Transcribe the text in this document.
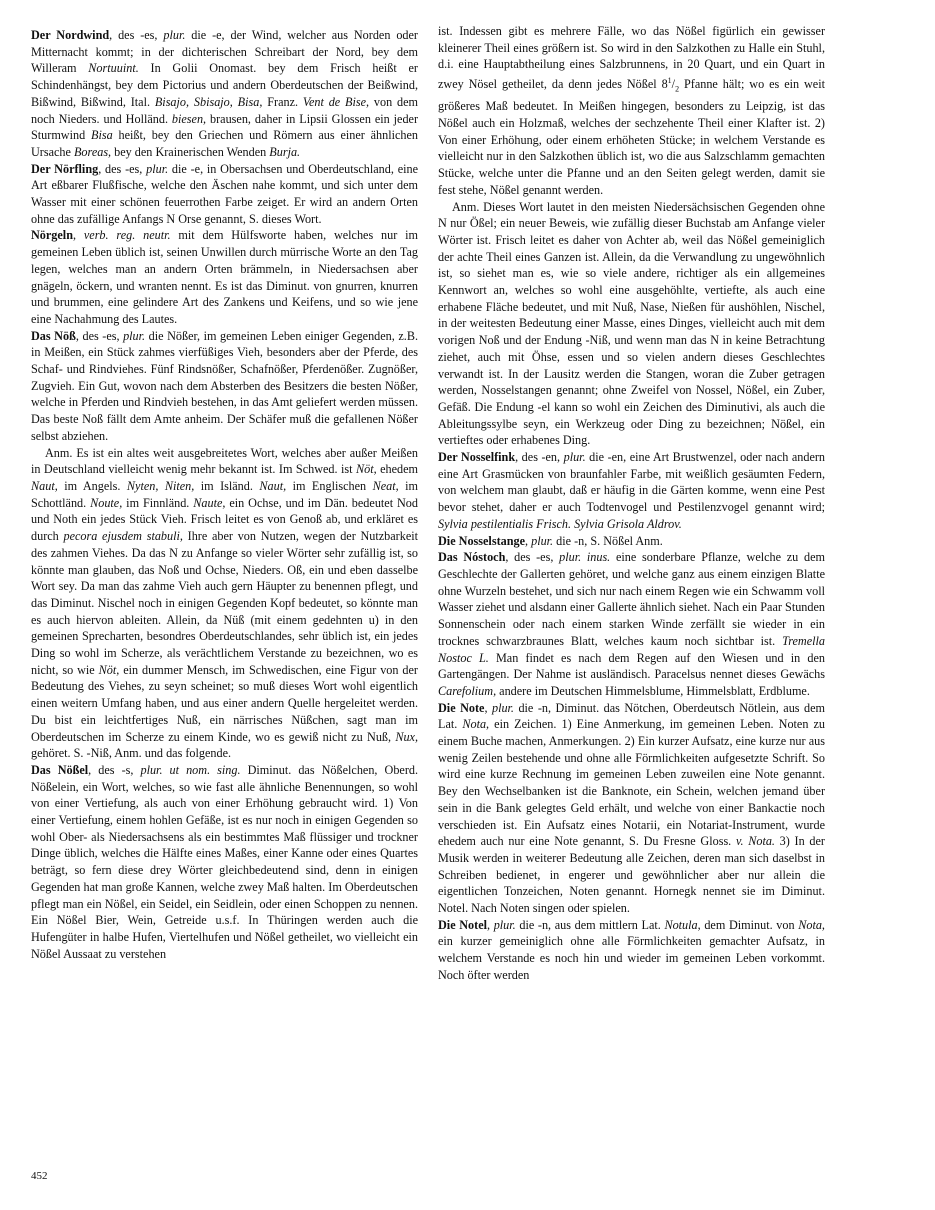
Der Nordwind, des -es, plur. die -e, der Wind, welcher aus Norden oder Mitternacht kommt; in der dichterischen Schreibart der Nord, bey dem Willeram Nortuuint. In Golii Onomast. bey dem Frisch heißt er Schindenhängst, bey dem Pictorius und andern Oberdeutschen der Beißwind, Bißwind, Bißwind, Ital. Bisajo, Sbisajo, Bisa, Franz. Vent de Bise, von dem noch Nieders. und Holländ. biesen, brausen, daher in Lipsii Glossen ein jeder Sturmwind Bisa heißt, bey den Griechen und Römern aus einer ähnlichen Ursache Boreas, bey den Krainerischen Wenden Burja.

Der Nörfling, des -es, plur. die -e, in Obersachsen und Oberdeutschland, eine Art eßbarer Flußfische, welche den Äschen nahe kommt, und sich unter dem Wasser mit einer schönen feuerrothen Farbe zeiget. Er wird an andern Orten ohne das zufällige Anfangs N Orse genannt, S. dieses Wort.

Nörgeln, verb. reg. neutr. mit dem Hülfsworte haben, welches nur im gemeinen Leben üblich ist, seinen Unwillen durch mürrische Worte an den Tag legen, welches man an andern Orten brämmeln, in Niedersachsen aber gnägeln, öckern, und wranten nennt. Es ist das Diminut. von gnurren, knurren und brummen, eine gelindere Art des Zankens und Keifens, und so wie jene eine Nachahmung des Lautes.

Das Nöß, des -es, plur. die Nößer, im gemeinen Leben einiger Gegenden, z.B. in Meißen, ein Stück zahmes vierfüßiges Vieh, besonders aber der Pferde, des Schaf- und Rindviehes. Fünf Rindsnößer, Schafnößer, Pferdenößer. Zugnößer, Zugvieh. Ein Gut, wovon nach dem Absterben des Besitzers die besten Nößer, welche in Pferden und Rindvieh bestehen, in das Amt geliefert werden müssen. Das beste Noß fällt dem Amte anheim. Der Schäfer muß die gefallenen Nößer selbst abziehen.

Anm. Es ist ein altes weit ausgebreitetes Wort, welches aber außer Meißen in Deutschland vielleicht wenig mehr bekannt ist. Im Schwed. ist Nöt, ehedem Naut, im Angels. Nyten, Niten, im Isländ. Naut, im Englischen Neat, im Schottländ. Noute, im Finnländ. Naute, ein Ochse, und im Dän. bedeutet Nod und Noth ein jedes Stück Vieh. Frisch leitet es von Genoß ab, und erkläret es durch pecora ejusdem stabuli, Ihre aber von Nutzen, wegen der Nutzbarkeit des zahmen Viehes. Da das N zu Anfange so vieler Wörter sehr zufällig ist, so könnte man glauben, das Noß und Ochse, Nieders. Oß, ein und eben dasselbe Wort sey. Da man das zahme Vieh auch gern Häupter zu benennen pflegt, und das Diminut. Nischel noch in einigen Gegenden Kopf bedeutet, so könnte man es auch hiervon ableiten. Allein, da Nüß (mit einem gedehnten u) in den gemeinen Sprecharten, besondres Oberdeutschlandes, sehr üblich ist, ein jedes Ding so wohl im Scherze, als verächtlichem Verstande zu bezeichnen, wo es nicht, so wie Nöt, ein dummer Mensch, im Schwedischen, eine Figur von der Bedeutung des Viehes, zu seyn scheinet; so muß dieses Wort wohl eigentlich einen weitern Umfang haben, und aus einer andern Quelle hergeleitet werden. Du bist ein leichtfertiges Nuß, ein närrisches Nüßchen, sagt man im Oberdeutschen im Scherze zu einem Kinde, wo es gewiß nicht zu Nuß, Nux, gehöret. S. -Niß, Anm. und das folgende.

Das Nößel, des -s, plur. ut nom. sing. Diminut. das Nößelchen, Oberd. Nößelein, ein Wort, welches, so wie fast alle ähnliche Benennungen, so wohl von einer Vertiefung, als auch von einer Erhöhung gebraucht wird. 1) Von einer Vertiefung, einem hohlen Gefäße, ist es nur noch in einigen Gegenden so wohl Ober- als Niedersachsens als ein bestimmtes Maß flüssiger und trockner Dinge üblich, welches die Hälfte eines Maßes, einer Kanne oder eines Quartes beträgt, so fern diese drey Wörter gleichbedeutend sind, denn in einigen Gegenden hat man große Kannen, welche zwey Maß halten. Im Oberdeutschen pflegt man ein Nößel, ein Seidel, ein Seidlein, oder einen Schoppen zu nennen. Ein Nößel Bier, Wein, Getreide u.s.f. In Thüringen werden auch die Hufengüter in halbe Hufen, Viertelhufen und Nößel getheilet, wo vielleicht ein Nößel Aussaat zu verstehen

ist. Indessen gibt es mehrere Fälle, wo das Nößel figürlich ein gewisser kleinerer Theil eines größern ist. So wird in den Salzkothen zu Halle ein Stuhl, d.i. eine Hauptabtheilung eines Salzbrunnens, in 20 Quart, und ein Quart in zwey Nösel getheilet, da denn jedes Nößel $8^1/_2$ Pfanne hält; wo es ein weit größeres Maß bedeutet. In Meißen hingegen, besonders zu Leipzig, ist das Nößel auch ein Holzmaß, welches der sechzehente Theil einer Klafter ist. 2) Von einer Erhöhung, oder einem erhöheten Stücke; in welchem Verstande es vielleicht nur in den Salzkothen üblich ist, wo die aus Salzschlamm gemachten Stücke, welche unter die Pfanne und an den Seiten gelegt werden, damit sie fest stehe, Nößel genannt werden.

Anm. Dieses Wort lautet in den meisten Niedersächsischen Gegenden ohne N nur Ößel; ein neuer Beweis, wie zufällig dieser Buchstab am Anfange vieler Wörter ist. Frisch leitet es daher von Achter ab, weil das Nößel gemeiniglich der achte Theil eines Ganzen ist. Allein, da die Verwandlung zu ungewöhnlich ist, so siehet man es, wie so viele andere, richtiger als ein allgemeines Kennwort an, welches so wohl eine ausgehöhlte, vertiefte, als auch eine erhabene Fläche bedeutet, und mit Nuß, Nase, Nießen für aushöhlen, Nischel, in der weitesten Bedeutung einer Masse, eines Dinges, vielleicht auch mit dem vorigen Noß und der Endung -Niß, und wenn man das N in keine Betrachtung ziehet, auch mit Öhse, essen und so vielen andern dieses Geschlechtes verwandt ist. In der Lausitz werden die Stangen, woran die Zuber getragen werden, Nosselstangen genannt; ohne Zweifel von Nossel, Nößel, ein Zuber, Gefäß. Die Endung -el kann so wohl ein Zeichen des Diminutivi, als auch die Ableitungssylbe seyn, ein Werkzeug oder Ding zu bezeichnen; Nößel, ein vertieftes oder erhabenes Ding.

Der Nosselfink, des -en, plur. die -en, eine Art Brustwenzel, oder nach andern eine Art Grasmücken von braunfahler Farbe, mit weißlich gesäumten Federn, von welchem man glaubt, daß er häufig in die Gärten komme, wenn eine Pest bevor stehet, daher er auch Todtenvogel und Pestilenzvogel genannt wird; Sylvia pestilentialis Frisch. Sylvia Grisola Aldrov.

Die Nosselstange, plur. die -n, S. Nößel Anm.

Das Nóstoch, des -es, plur. inus. eine sonderbare Pflanze, welche zu dem Geschlechte der Gallerten gehöret, und welche ganz aus einem einzigen Blatte ohne Wurzeln bestehet, und sich nur nach einem Regen wie ein Schwamm voll Wasser ziehet und alsdann einer Gallerte ähnlich siehet. Nach ein Paar Stunden Sonnenschein oder nach einem starken Winde zerfällt sie wieder in ein trocknes schwarzbraunes Blatt, welches kaum noch sichtbar ist. Tremella Nostoc L. Man findet es nach dem Regen auf den Wiesen und in den Gartengängen. Der Nahme ist ausländisch. Paracelsus nennet dieses Gewächs Carefolium, andere im Deutschen Himmelsblume, Himmelsblatt, Erdblume.

Die Note, plur. die -n, Diminut. das Nötchen, Oberdeutsch Nötlein, aus dem Lat. Nota, ein Zeichen. 1) Eine Anmerkung, im gemeinen Leben. Noten zu einem Buche machen, Anmerkungen. 2) Ein kurzer Aufsatz, eine kurze nur aus wenig Zeilen bestehende und ohne alle Förmlichkeiten aufgesetzte Schrift. So wird eine kurze Rechnung im gemeinen Leben zuweilen eine Note genannt. Bey den Wechselbanken ist die Banknote, ein Schein, welchen jemand über sein in die Bank gelegtes Geld erhält, und welche von einer Bankactie noch verschieden ist. Ein Aufsatz eines Notarii, ein Notariat-Instrument, wurde ehedem auch nur eine Note genannt, S. Du Fresne Gloss. v. Nota. 3) In der Musik werden in weiterer Bedeutung alle Zeichen, deren man sich daselbst in Schreiben bedienet, in engerer und gewöhnlicher aber nur allein die eigentlichen Tonzeichen, Noten genannt. Hornegk nennet sie im Diminut. Notel. Nach Noten singen oder spielen.

Die Notel, plur. die -n, aus dem mittlern Lat. Notula, dem Diminut. von Nota, ein kurzer gemeiniglich ohne alle Förmlichkeiten gemachter Aufsatz, in welchem Verstande es noch hin und wieder im gemeinen Leben vorkommt. Noch öfter werden

452
